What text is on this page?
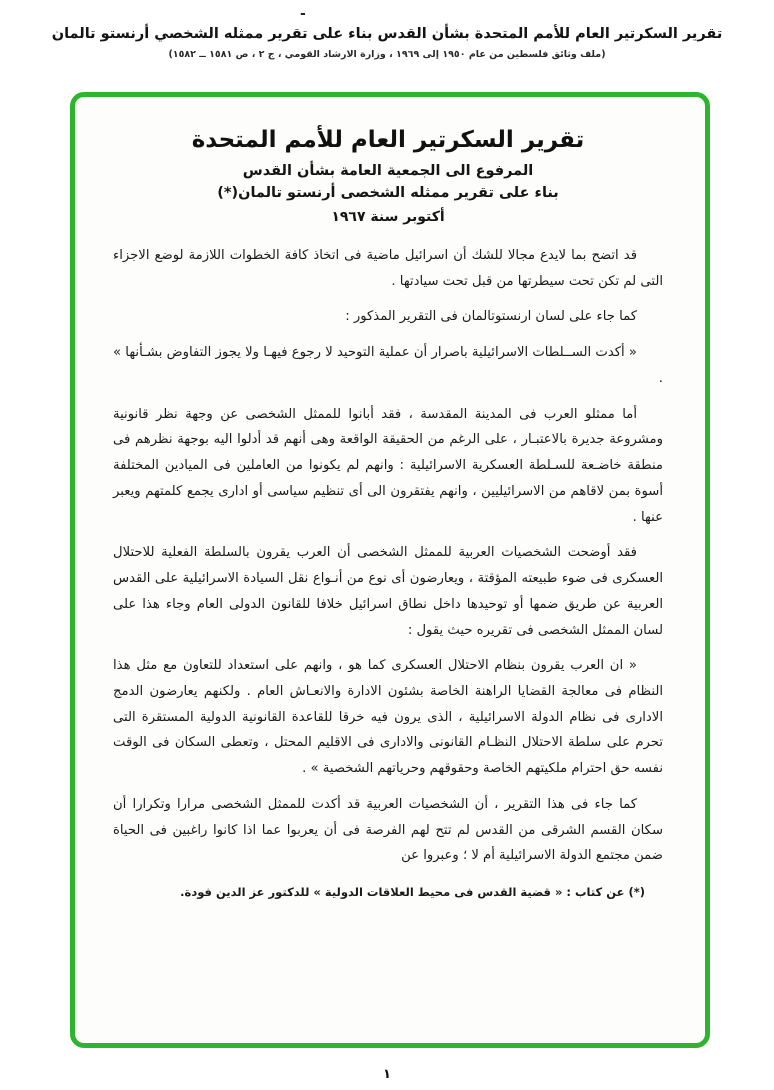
-
تقرير السكرتير العام للأمم المتحدة بشأن القدس بناء على تقرير ممثله الشخصي أرنستو تالمان
(ملف وثائق فلسطين من عام ١٩٥٠ إلى ١٩٦٩ ، وزارة الارشاد القومي ، ج ٢ ، ص ١٥٨١ ــ ١٥٨٢)
تقرير السكرتير العام للأمم المتحدة
المرفوع الى الجمعية العامة بشأن القدس
بناء على تقرير ممثله الشخصى أرنستو تالمان(*)
أكتوبر سنة ١٩٦٧

قد اتضح بما لايدع مجالا للشك أن اسرائيل ماضية فى اتخاذ كافة الخطوات اللازمة لوضع الاجزاء التى لم تكن تحت سيطرتها من قبل تحت سيادتها .

كما جاء على لسان ارنستوتالمان فى التقرير المذكور :

« أكدت الســلطات الاسرائيلية باصرار أن عملية التوحيد لا رجوع فيهـا ولا يجوز التفاوض بشـأنها » .

أما ممثلو العرب فى المدينة المقدسة ، فقد أبانوا للممثل الشخصى عن وجهة نظر قانونية ومشروعة جديرة بالاعتبـار ، على الرغم من الحقيقة الواقعة وهى أنهم قد أدلوا اليه بوجهة نظرهم فى منطقة خاضـعة للسـلطة العسكرية الاسرائيلية : وانهم لم يكونوا من العاملين فى الميادين المختلفة أسوة بمن لاقاهم من الاسرائيليين ، وانهم يفتقرون الى أى تنظيم سياسى أو ادارى يجمع كلمتهم ويعبر عنها .

فقد أوضحت الشخصيات العربية للممثل الشخصى أن العرب يقرون بالسلطة الفعلية للاحتلال العسكرى فى ضوء طبيعته المؤقتة ، ويعارضون أى نوع من أنـواع نقل السيادة الاسرائيلية على القدس العربية عن طريق ضمها أو توحيدها داخل نطاق اسرائيل خلافا للقانون الدولى العام وجاء هذا على لسان الممثل الشخصى فى تقريره حيث يقول :

« ان العرب يقرون بنظام الاحتلال العسكرى كما هو ، وانهم على استعداد للتعاون مع مثل هذا النظام فى معالجة القضايا الراهنة الخاصة بشئون الادارة والانعـاش العام . ولكنهم يعارضون الدمج الادارى فى نظام الدولة الاسرائيلية ، الذى يرون فيه خرقا للقاعدة القانونية الدولية المستقرة التى تحرم على سلطة الاحتلال النظـام القانونى والادارى فى الاقليم المحتل ، وتعطى السكان فى الوقت نفسه حق احترام ملكيتهم الخاصة وحقوقهم وحرياتهم الشخصية » .

كما جاء فى هذا التقرير ، أن الشخصيات العربية قد أكدت للممثل الشخصى مرارا وتكرارا أن سكان القسم الشرقى من القدس لم تتح لهم الفرصة فى أن يعربوا عما اذا كانوا راغبين فى الحياة ضمن مجتمع الدولة الاسرائيلية أم لا ؛ وعبروا عن

(*) عن كتاب : « قضية القدس فى محيط العلاقات الدولية » للدكتور عز الدين فودة.
١
